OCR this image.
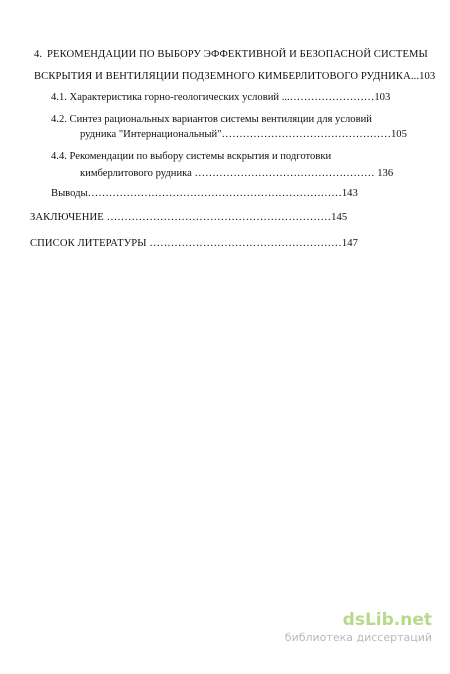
4. РЕКОМЕНДАЦИИ ПО ВЫБОРУ ЭФФЕКТИВНОЙ И БЕЗОПАСНОЙ СИСТЕМЫ
ВСКРЫТИЯ И ВЕНТИЛЯЦИИ ПОДЗЕМНОГО КИМБЕРЛИТОВОГО РУДНИКА...103
4.1. Характеристика горно-геологических условий ...……………………103
4.2. Синтез рациональных вариантов системы вентиляции для условий
рудника "Интернациональный"…………………………………………105
4.4. Рекомендации по выбору системы вскрытия и подготовки
кимберлитового рудника …………………………………………… 136
Выводы………………………………………………………………143
ЗАКЛЮЧЕНИЕ ………………………………………………………145
СПИСОК ЛИТЕРАТУРЫ ………………………………………………147
dsLib.net
библиотека диссертаций
